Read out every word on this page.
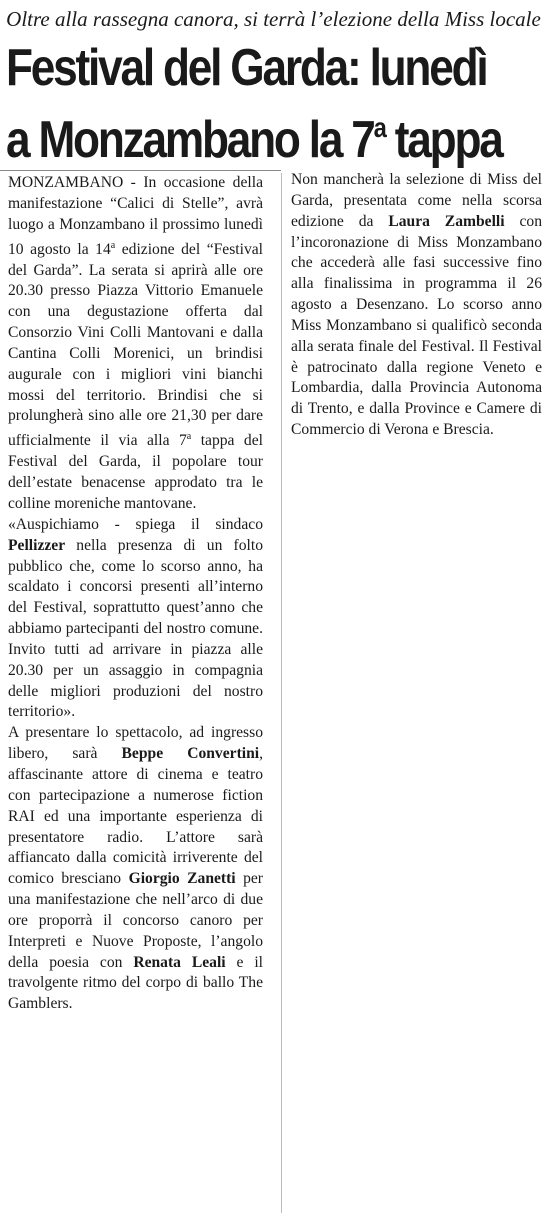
Oltre alla rassegna canora, si terrà l’elezione della Miss locale
Festival del Garda: lunedì
a Monzambano la 7$^a$ tappa

MONZAMBANO - In occasione della manifestazione “Calici di Stelle”, avrà luogo a Monzambano il prossimo lunedì 10 agosto la 14$^a$ edizione del “Festival del Garda”. La serata si aprirà alle ore 20.30 presso Piazza Vittorio Emanuele con una degustazione offerta dal Consorzio Vini Colli Mantovani e dalla Cantina Colli Morenici, un brindisi augurale con i migliori vini bianchi mossi del territorio. Brindisi che si prolungherà sino alle ore 21,30 per dare ufficialmente il via alla 7$^a$ tappa del Festival del Garda, il popolare tour dell’estate benacense approdato tra le colline moreniche mantovane.

«Auspichiamo - spiega il sindaco Pellizzer nella presenza di un folto pubblico che, come lo scorso anno, ha scaldato i concorsi presenti all’interno del Festival, soprattutto quest’anno che abbiamo partecipanti del nostro comune. Invito tutti ad arrivare in piazza alle 20.30 per un assaggio in compagnia delle migliori produzioni del nostro territorio».

A presentare lo spettacolo, ad ingresso libero, sarà Beppe Convertini, affascinante attore di cinema e teatro con partecipazione a numerose fiction RAI ed una importante esperienza di presentatore radio. L’attore sarà affiancato dalla comicità irriverente del comico bresciano Giorgio Zanetti per una manifestazione che nell’arco di due ore proporrà il concorso canoro per Interpreti e Nuove Proposte, l’angolo della poesia con Renata Leali e il travolgente ritmo del corpo di ballo The Gamblers.

Non mancherà la selezione di Miss del Garda, presentata come nella scorsa edizione da Laura Zambelli con l’incoronazione di Miss Monzambano che accederà alle fasi successive fino alla finalissima in programma il 26 agosto a Desenzano. Lo scorso anno Miss Monzambano si qualificò seconda alla serata finale del Festival. Il Festival è patrocinato dalla regione Veneto e Lombardia, dalla Provincia Autonoma di Trento, e dalla Province e Camere di Commercio di Verona e Brescia.
